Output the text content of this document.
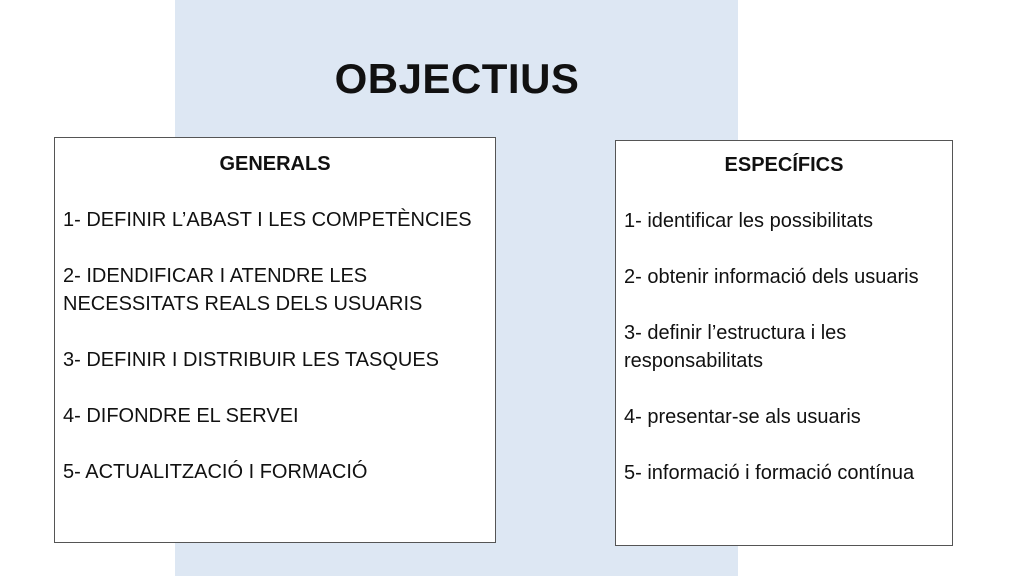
OBJECTIUS
GENERALS
1- DEFINIR L’ABAST I LES COMPETÈNCIES
2- IDENDIFICAR I ATENDRE LES NECESSITATS REALS DELS USUARIS
3- DEFINIR I DISTRIBUIR LES TASQUES
4- DIFONDRE EL SERVEI
5- ACTUALITZACIÓ I FORMACIÓ
ESPECÍFICS
1- identificar les possibilitats
2- obtenir informació dels usuaris
3- definir l’estructura i les responsabilitats
4- presentar-se als usuaris
5- informació i formació contínua
